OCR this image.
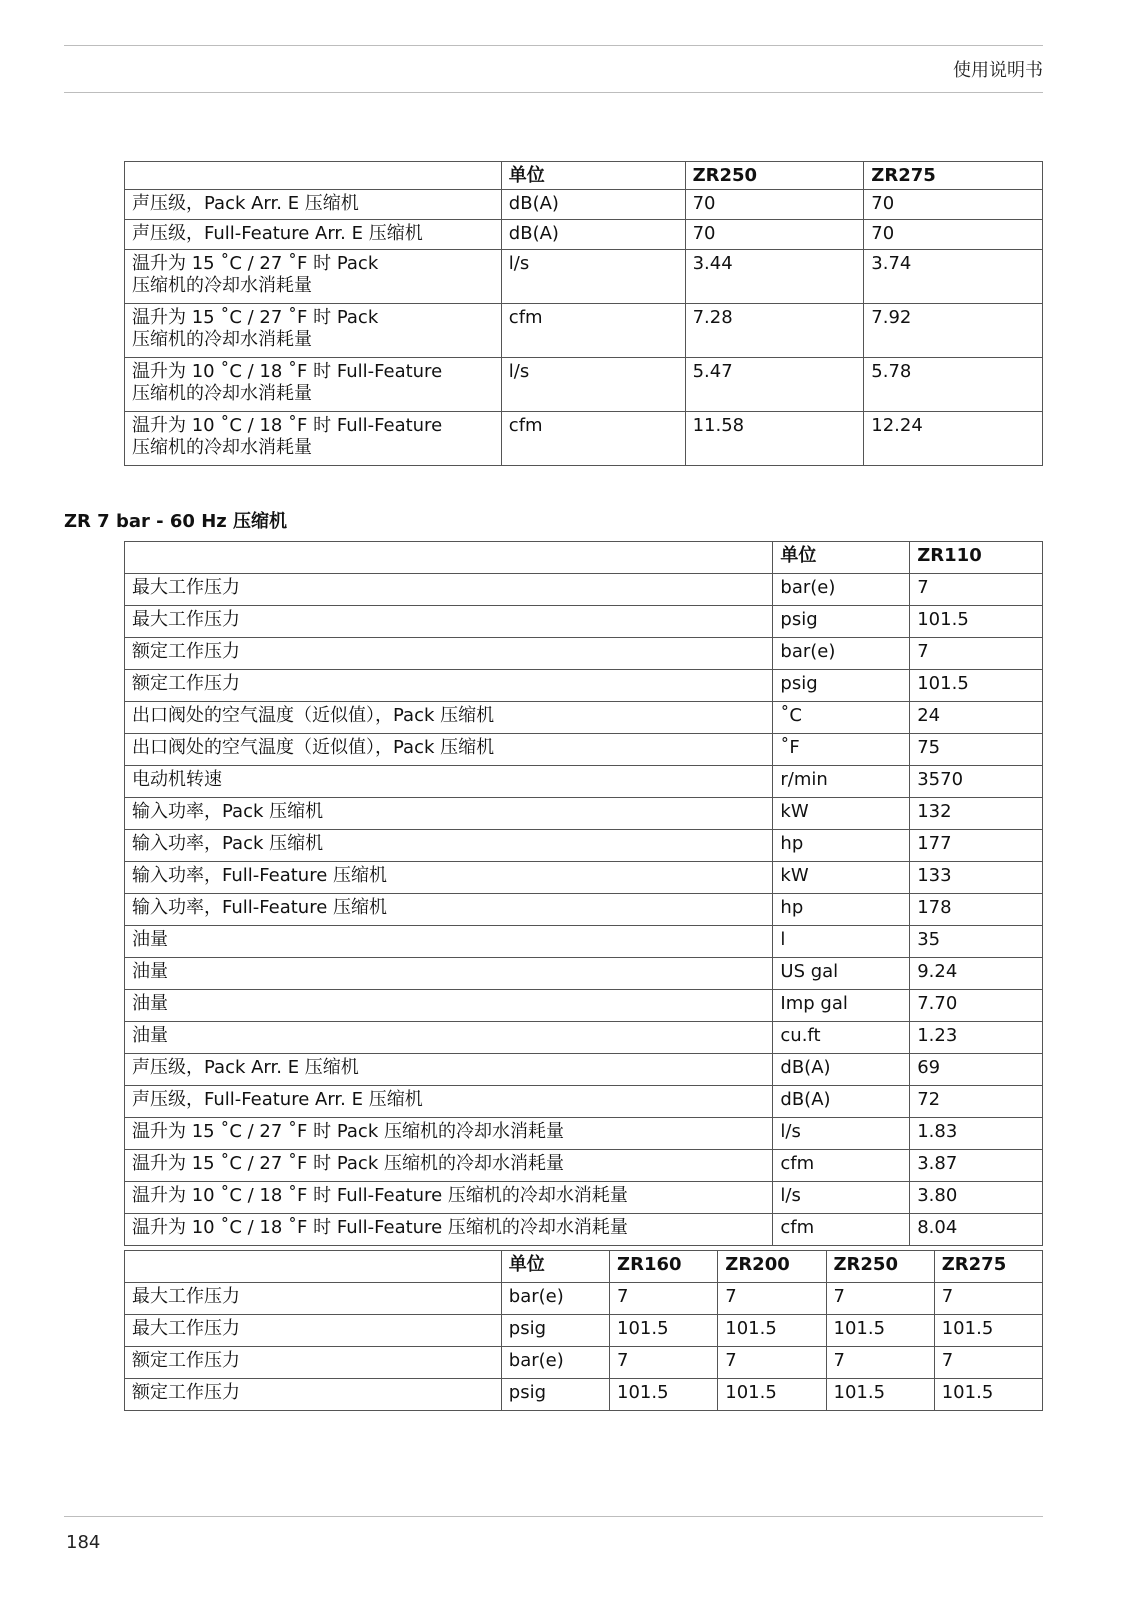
使用说明书
	单位	ZR250	ZR275
声压级，Pack Arr. E 压缩机	dB(A)	70	70
声压级，Full-Feature Arr. E 压缩机	dB(A)	70	70
温升为 15 ˚C / 27 ˚F 时 Pack
压缩机的冷却水消耗量	l/s	3.44	3.74
温升为 15 ˚C / 27 ˚F 时 Pack
压缩机的冷却水消耗量	cfm	7.28	7.92
温升为 10 ˚C / 18 ˚F 时 Full-Feature
压缩机的冷却水消耗量	l/s	5.47	5.78
温升为 10 ˚C / 18 ˚F 时 Full-Feature
压缩机的冷却水消耗量	cfm	11.58	12.24
ZR 7 bar - 60 Hz 压缩机
	单位	ZR110
最大工作压力	bar(e)	7
最大工作压力	psig	101.5
额定工作压力	bar(e)	7
额定工作压力	psig	101.5
出口阀处的空气温度（近似值），Pack 压缩机	˚C	24
出口阀处的空气温度（近似值），Pack 压缩机	˚F	75
电动机转速	r/min	3570
输入功率，Pack 压缩机	kW	132
输入功率，Pack 压缩机	hp	177
输入功率，Full-Feature 压缩机	kW	133
输入功率，Full-Feature 压缩机	hp	178
油量	l	35
油量	US gal	9.24
油量	Imp gal	7.70
油量	cu.ft	1.23
声压级，Pack Arr. E 压缩机	dB(A)	69
声压级，Full-Feature Arr. E 压缩机	dB(A)	72
温升为 15 ˚C / 27 ˚F 时 Pack 压缩机的冷却水消耗量	l/s	1.83
温升为 15 ˚C / 27 ˚F 时 Pack 压缩机的冷却水消耗量	cfm	3.87
温升为 10 ˚C / 18 ˚F 时 Full-Feature 压缩机的冷却水消耗量	l/s	3.80
温升为 10 ˚C / 18 ˚F 时 Full-Feature 压缩机的冷却水消耗量	cfm	8.04
	单位	ZR160	ZR200	ZR250	ZR275
最大工作压力	bar(e)	7	7	7	7
最大工作压力	psig	101.5	101.5	101.5	101.5
额定工作压力	bar(e)	7	7	7	7
额定工作压力	psig	101.5	101.5	101.5	101.5
184
